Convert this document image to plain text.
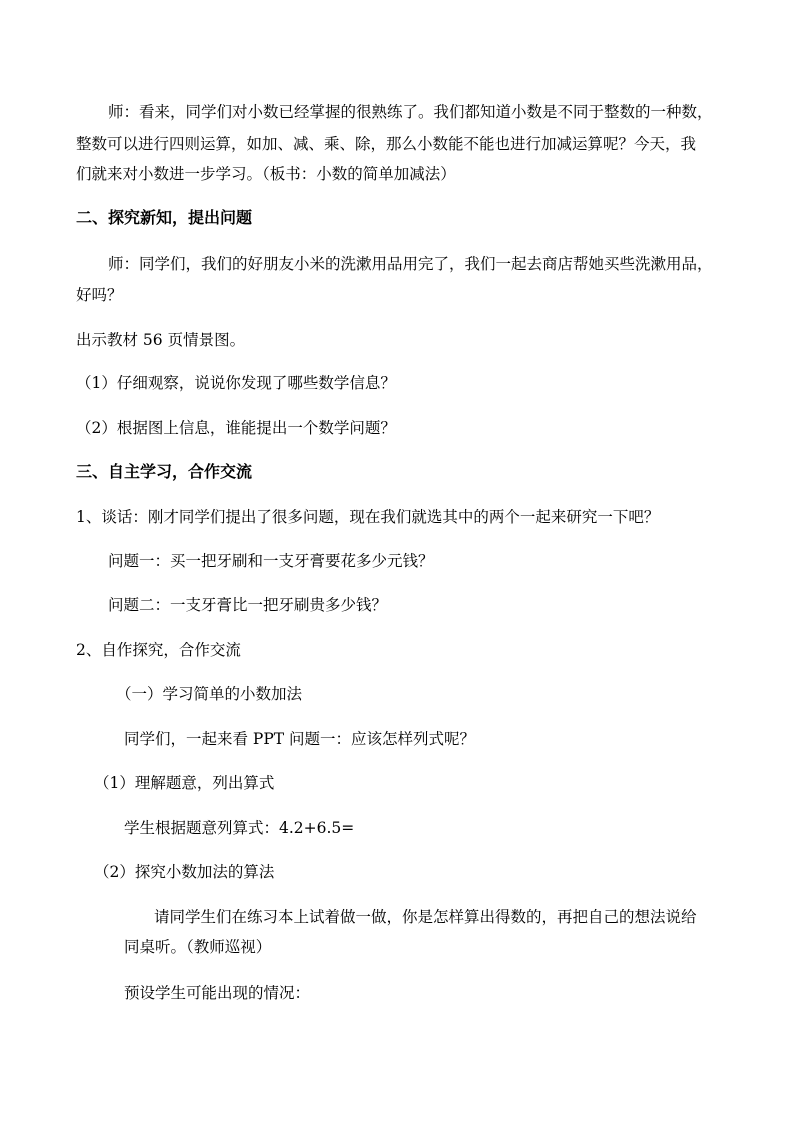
师：看来，同学们对小数已经掌握的很熟练了。我们都知道小数是不同于整数的一种数，
整数可以进行四则运算，如加、减、乘、除，那么小数能不能也进行加减运算呢？今天，我
们就来对小数进一步学习。（板书：小数的简单加减法）
二、探究新知，提出问题
师：同学们，我们的好朋友小米的洗漱用品用完了，我们一起去商店帮她买些洗漱用品，
好吗？
出示教材 56 页情景图。
（1）仔细观察，说说你发现了哪些数学信息？
（2）根据图上信息，谁能提出一个数学问题？
三、自主学习，合作交流
1、谈话：刚才同学们提出了很多问题，现在我们就选其中的两个一起来研究一下吧？
问题一：买一把牙刷和一支牙膏要花多少元钱？
问题二：一支牙膏比一把牙刷贵多少钱？
2、自作探究，合作交流
（一）学习简单的小数加法
同学们，一起来看 PPT 问题一：应该怎样列式呢？
（1）理解题意，列出算式
学生根据题意列算式：4.2+6.5=
（2）探究小数加法的算法
请同学生们在练习本上试着做一做，你是怎样算出得数的，再把自己的想法说给
同桌听。（教师巡视）
预设学生可能出现的情况：
